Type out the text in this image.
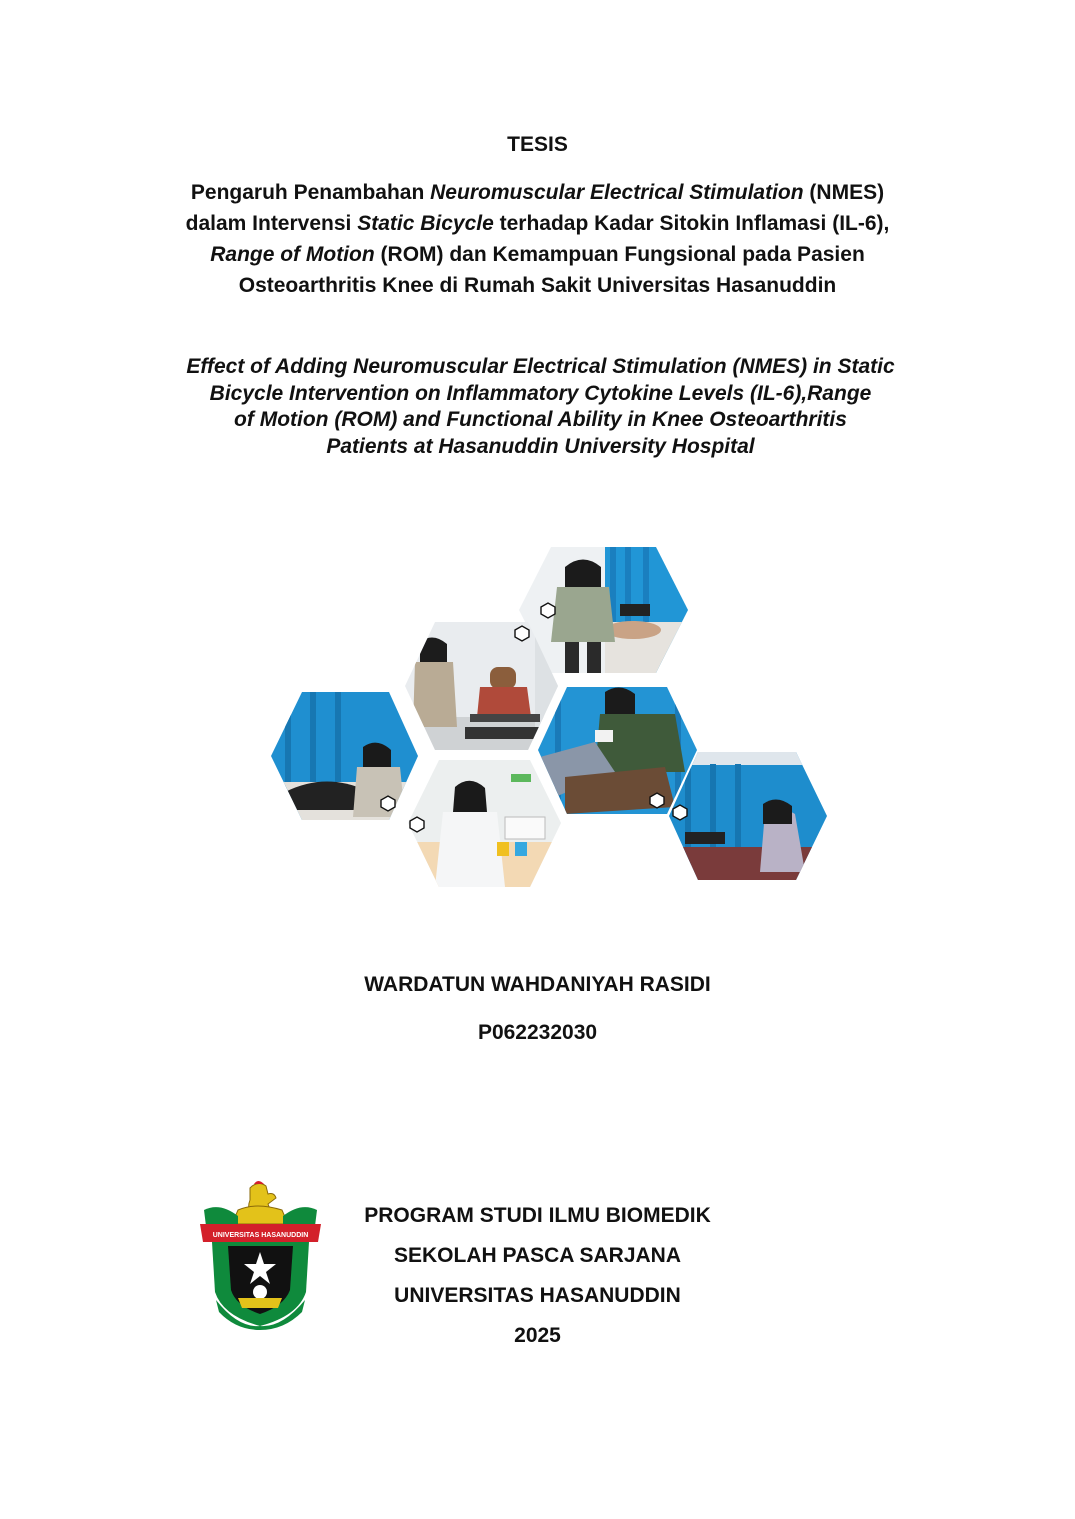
TESIS
Pengaruh Penambahan Neuromuscular Electrical Stimulation (NMES)
dalam Intervensi Static Bicycle terhadap Kadar Sitokin Inflamasi (IL-6),
Range of Motion (ROM) dan Kemampuan Fungsional pada Pasien
Osteoarthritis Knee di Rumah Sakit Universitas Hasanuddin
Effect of Adding Neuromuscular Electrical Stimulation (NMES) in Static
Bicycle Intervention on Inflammatory Cytokine Levels (IL-6),Range
of Motion (ROM) and Functional Ability in Knee Osteoarthritis
Patients at Hasanuddin University Hospital
WARDATUN WAHDANIYAH RASIDI
P062232030
UNIVERSITAS HASANUDDIN
PROGRAM STUDI ILMU BIOMEDIK
SEKOLAH PASCA SARJANA
UNIVERSITAS HASANUDDIN
2025
